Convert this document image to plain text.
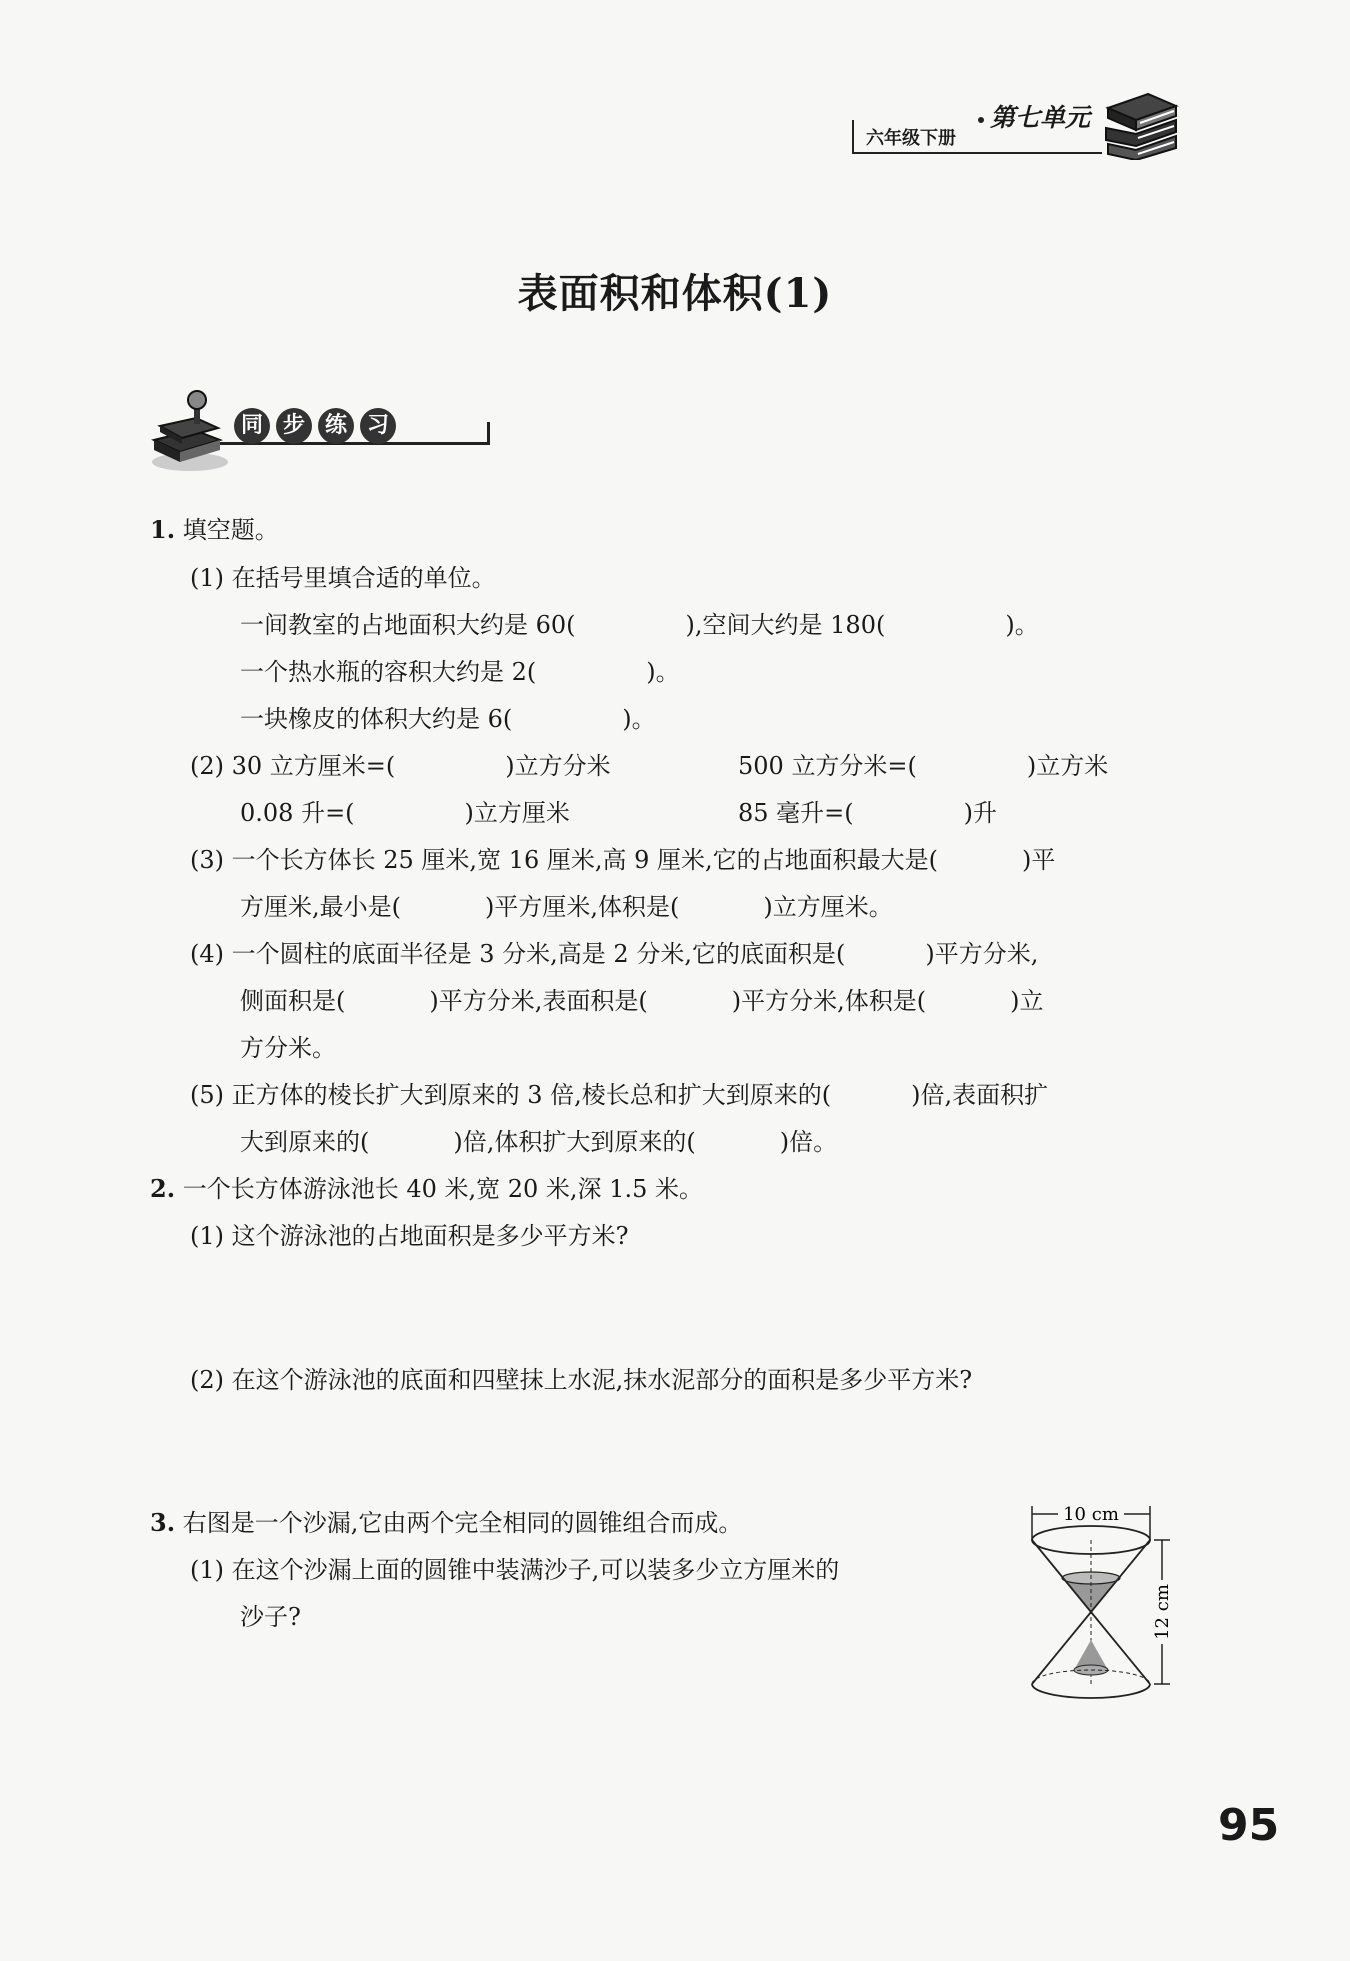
第七单元
六年级下册
表面积和体积(1)
同 步 练 习
1. 填空题。
(1) 在括号里填合适的单位。
一间教室的占地面积大约是 60(	),空间大约是 180(	)。
一个热水瓶的容积大约是 2(	)。
一块橡皮的体积大约是 6(	)。
(2) 30 立方厘米=(	)立方分米	500 立方分米=(	)立方米
0.08 升=(	)立方厘米	85 毫升=(	)升
(3) 一个长方体长 25 厘米,宽 16 厘米,高 9 厘米,它的占地面积最大是(	)平
方厘米,最小是(	)平方厘米,体积是(	)立方厘米。
(4) 一个圆柱的底面半径是 3 分米,高是 2 分米,它的底面积是(	)平方分米,
侧面积是(	)平方分米,表面积是(	)平方分米,体积是(	)立
方分米。
(5) 正方体的棱长扩大到原来的 3 倍,棱长总和扩大到原来的(	)倍,表面积扩
大到原来的(	)倍,体积扩大到原来的(	)倍。
2. 一个长方体游泳池长 40 米,宽 20 米,深 1.5 米。
(1) 这个游泳池的占地面积是多少平方米?
(2) 在这个游泳池的底面和四壁抹上水泥,抹水泥部分的面积是多少平方米?
3. 右图是一个沙漏,它由两个完全相同的圆锥组合而成。
(1) 在这个沙漏上面的圆锥中装满沙子,可以装多少立方厘米的
沙子?
10 cm
12 cm
95
